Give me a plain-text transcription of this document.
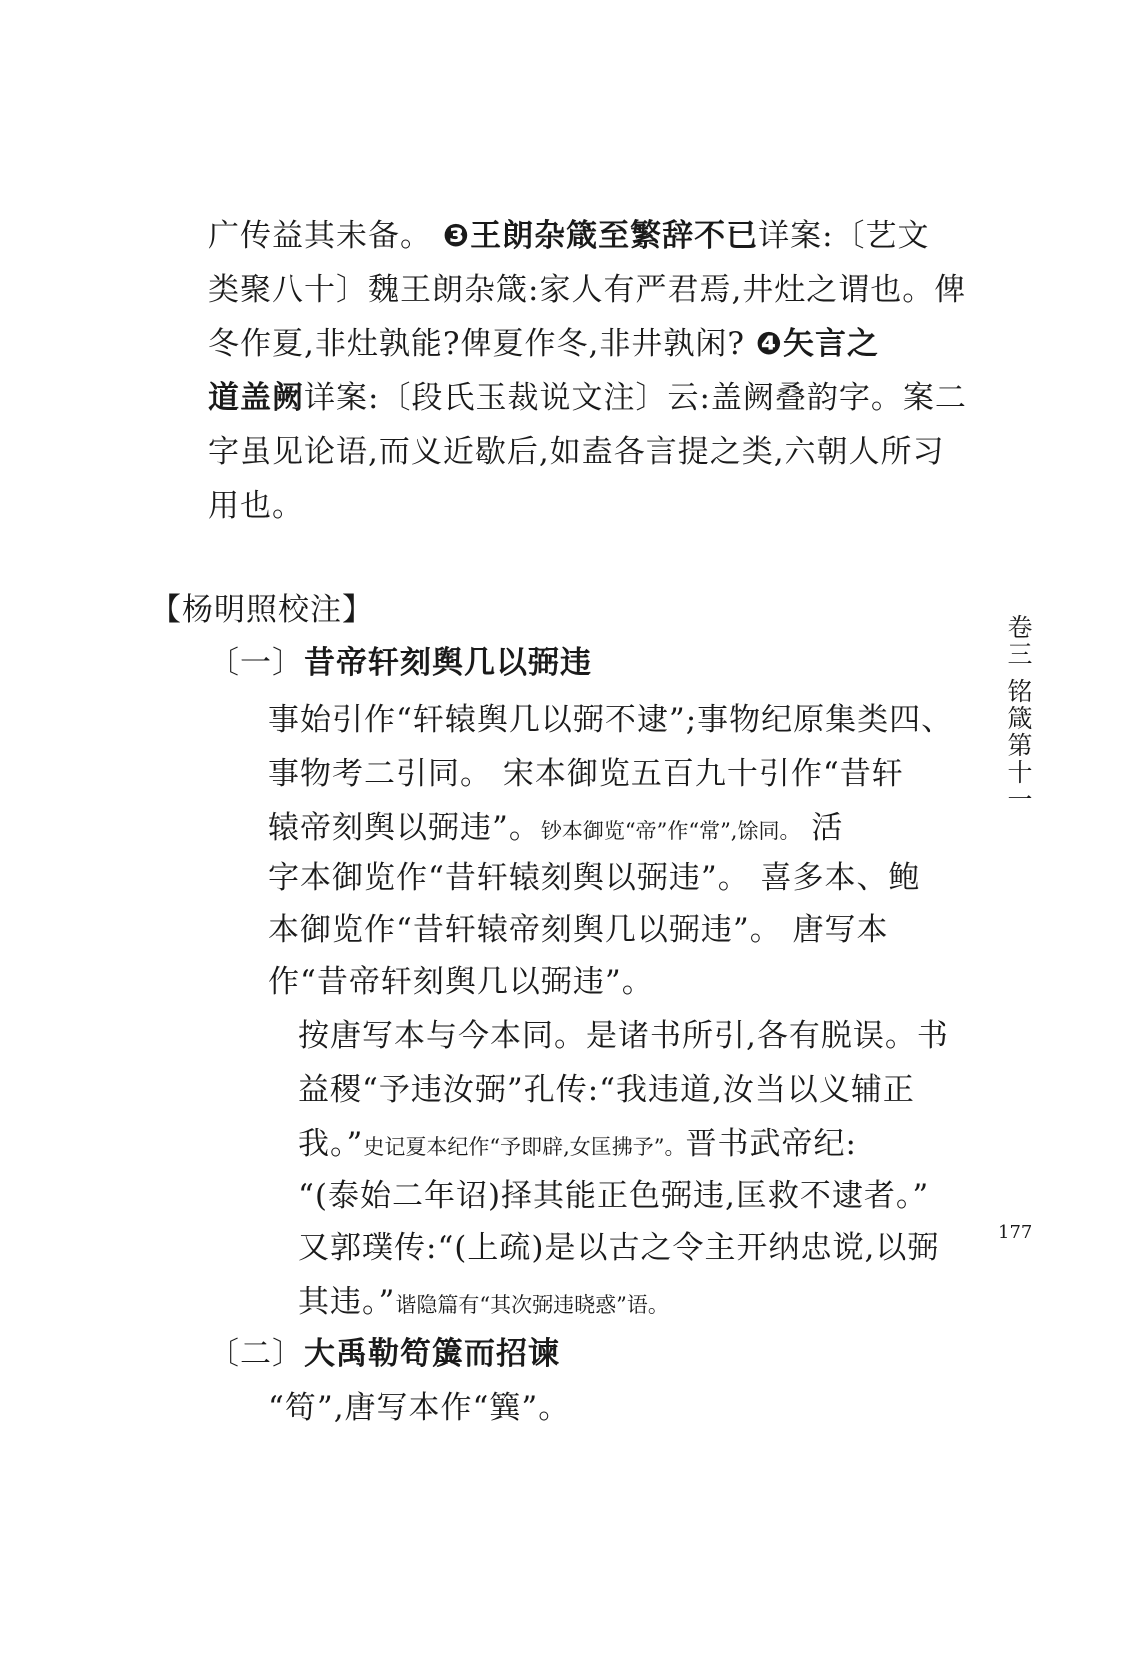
广传益其未备。 ❸王朗杂箴至繁辞不已详案:〔艺文
类聚八十〕魏王朗杂箴:家人有严君焉,井灶之谓也。俾
冬作夏,非灶孰能?俾夏作冬,非井孰闲? ❹矢言之
道盖阙详案:〔段氏玉裁说文注〕云:盖阙叠韵字。案二
字虽见论语,而义近歇后,如盍各言提之类,六朝人所习
用也。
【杨明照校注】
〔一〕昔帝轩刻舆几以弼违
事始引作“轩辕舆几以弼不逮”;事物纪原集类四、
事物考二引同。 宋本御览五百九十引作“昔轩
辕帝刻舆以弼违”。钞本御览“帝”作“常”,馀同。 活
字本御览作“昔轩辕刻舆以弼违”。 喜多本、鲍
本御览作“昔轩辕帝刻舆几以弼违”。 唐写本
作“昔帝轩刻舆几以弼违”。
按唐写本与今本同。是诸书所引,各有脱误。书
益稷“予违汝弼”孔传:“我违道,汝当以义辅正
我。”史记夏本纪作“予即辟,女匡拂予”。晋书武帝纪:
“(泰始二年诏)择其能正色弼违,匡救不逮者。”
又郭璞传:“(上疏)是以古之令主开纳忠谠,以弼
其违。”谐隐篇有“其次弼违晓惑”语。
〔二〕大禹勒笱簴而招谏
“笱”,唐写本作“簨”。
卷三 铭箴第十一
177
